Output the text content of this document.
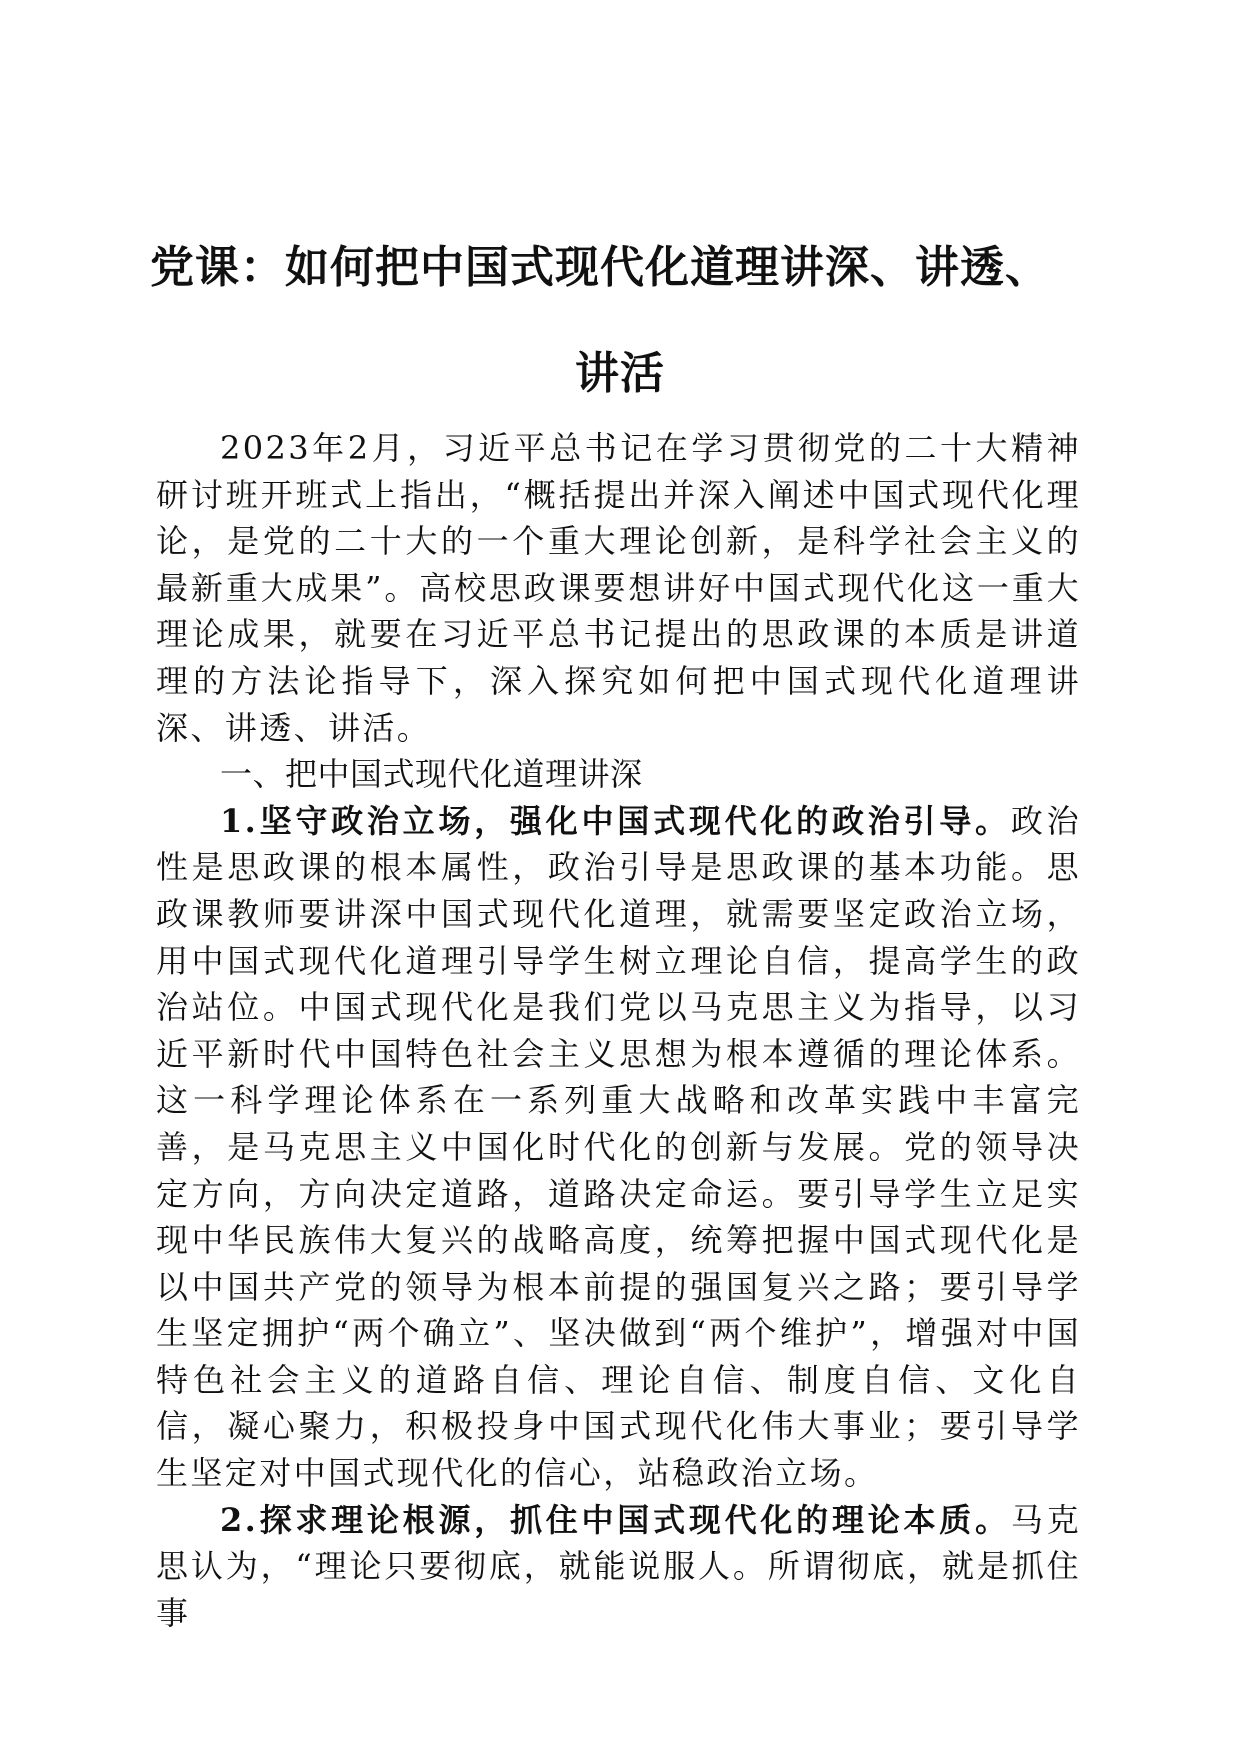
党课：如何把中国式现代化道理讲深、讲透、
讲活

2023年2月，习近平总书记在学习贯彻党的二十大精神研讨班开班式上指出，“概括提出并深入阐述中国式现代化理论，是党的二十大的一个重大理论创新，是科学社会主义的最新重大成果”。高校思政课要想讲好中国式现代化这一重大理论成果，就要在习近平总书记提出的思政课的本质是讲道理的方法论指导下，深入探究如何把中国式现代化道理讲深、讲透、讲活。

一、把中国式现代化道理讲深

1.坚守政治立场，强化中国式现代化的政治引导。政治性是思政课的根本属性，政治引导是思政课的基本功能。思政课教师要讲深中国式现代化道理，就需要坚定政治立场，用中国式现代化道理引导学生树立理论自信，提高学生的政治站位。中国式现代化是我们党以马克思主义为指导，以习近平新时代中国特色社会主义思想为根本遵循的理论体系。这一科学理论体系在一系列重大战略和改革实践中丰富完善，是马克思主义中国化时代化的创新与发展。党的领导决定方向，方向决定道路，道路决定命运。要引导学生立足实现中华民族伟大复兴的战略高度，统筹把握中国式现代化是以中国共产党的领导为根本前提的强国复兴之路；要引导学生坚定拥护“两个确立”、坚决做到“两个维护”，增强对中国特色社会主义的道路自信、理论自信、制度自信、文化自信，凝心聚力，积极投身中国式现代化伟大事业；要引导学生坚定对中国式现代化的信心，站稳政治立场。

2.探求理论根源，抓住中国式现代化的理论本质。马克思认为，“理论只要彻底，就能说服人。所谓彻底，就是抓住事
